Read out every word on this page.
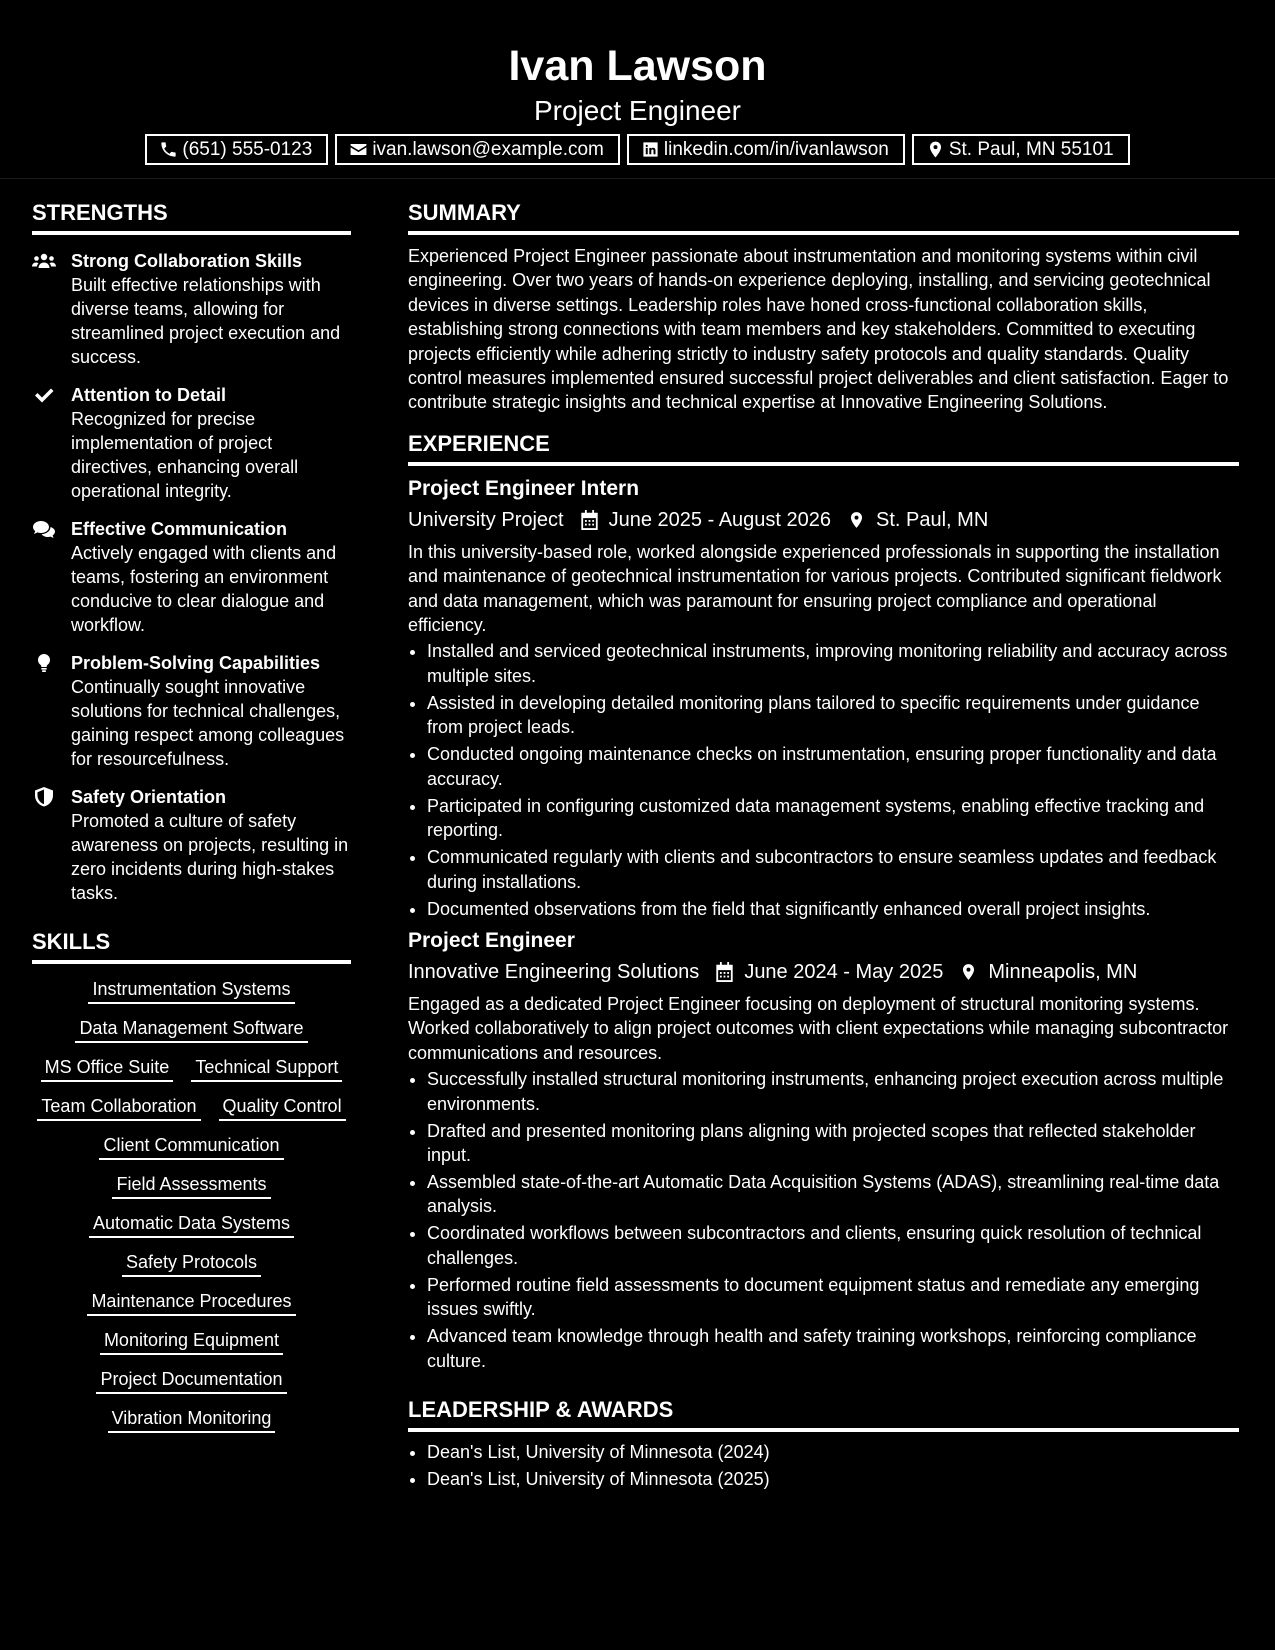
Ivan Lawson
Project Engineer
(651) 555-0123	ivan.lawson@example.com	linkedin.com/in/ivanlawson	St. Paul, MN 55101
STRENGTHS
Strong Collaboration Skills
Built effective relationships with diverse teams, allowing for streamlined project execution and success.
Attention to Detail
Recognized for precise implementation of project directives, enhancing overall operational integrity.
Effective Communication
Actively engaged with clients and teams, fostering an environment conducive to clear dialogue and workflow.
Problem-Solving Capabilities
Continually sought innovative solutions for technical challenges, gaining respect among colleagues for resourcefulness.
Safety Orientation
Promoted a culture of safety awareness on projects, resulting in zero incidents during high-stakes tasks.
SKILLS
Instrumentation Systems
Data Management Software
MS Office Suite Technical Support
Team Collaboration Quality Control
Client Communication
Field Assessments
Automatic Data Systems
Safety Protocols
Maintenance Procedures
Monitoring Equipment
Project Documentation
Vibration Monitoring
SUMMARY
Experienced Project Engineer passionate about instrumentation and monitoring systems within civil engineering. Over two years of hands-on experience deploying, installing, and servicing geotechnical devices in diverse settings. Leadership roles have honed cross-functional collaboration skills, establishing strong connections with team members and key stakeholders. Committed to executing projects efficiently while adhering strictly to industry safety protocols and quality standards. Quality control measures implemented ensured successful project deliverables and client satisfaction. Eager to contribute strategic insights and technical expertise at Innovative Engineering Solutions.
EXPERIENCE
Project Engineer Intern
University Project June 2025 - August 2026 St. Paul, MN
In this university-based role, worked alongside experienced professionals in supporting the installation and maintenance of geotechnical instrumentation for various projects. Contributed significant fieldwork and data management, which was paramount for ensuring project compliance and operational efficiency.
• Installed and serviced geotechnical instruments, improving monitoring reliability and accuracy across multiple sites.
• Assisted in developing detailed monitoring plans tailored to specific requirements under guidance from project leads.
• Conducted ongoing maintenance checks on instrumentation, ensuring proper functionality and data accuracy.
• Participated in configuring customized data management systems, enabling effective tracking and reporting.
• Communicated regularly with clients and subcontractors to ensure seamless updates and feedback during installations.
• Documented observations from the field that significantly enhanced overall project insights.
Project Engineer
Innovative Engineering Solutions June 2024 - May 2025 Minneapolis, MN
Engaged as a dedicated Project Engineer focusing on deployment of structural monitoring systems. Worked collaboratively to align project outcomes with client expectations while managing subcontractor communications and resources.
• Successfully installed structural monitoring instruments, enhancing project execution across multiple environments.
• Drafted and presented monitoring plans aligning with projected scopes that reflected stakeholder input.
• Assembled state-of-the-art Automatic Data Acquisition Systems (ADAS), streamlining real-time data analysis.
• Coordinated workflows between subcontractors and clients, ensuring quick resolution of technical challenges.
• Performed routine field assessments to document equipment status and remediate any emerging issues swiftly.
• Advanced team knowledge through health and safety training workshops, reinforcing compliance culture.
LEADERSHIP & AWARDS
• Dean's List, University of Minnesota (2024)
• Dean's List, University of Minnesota (2025)
